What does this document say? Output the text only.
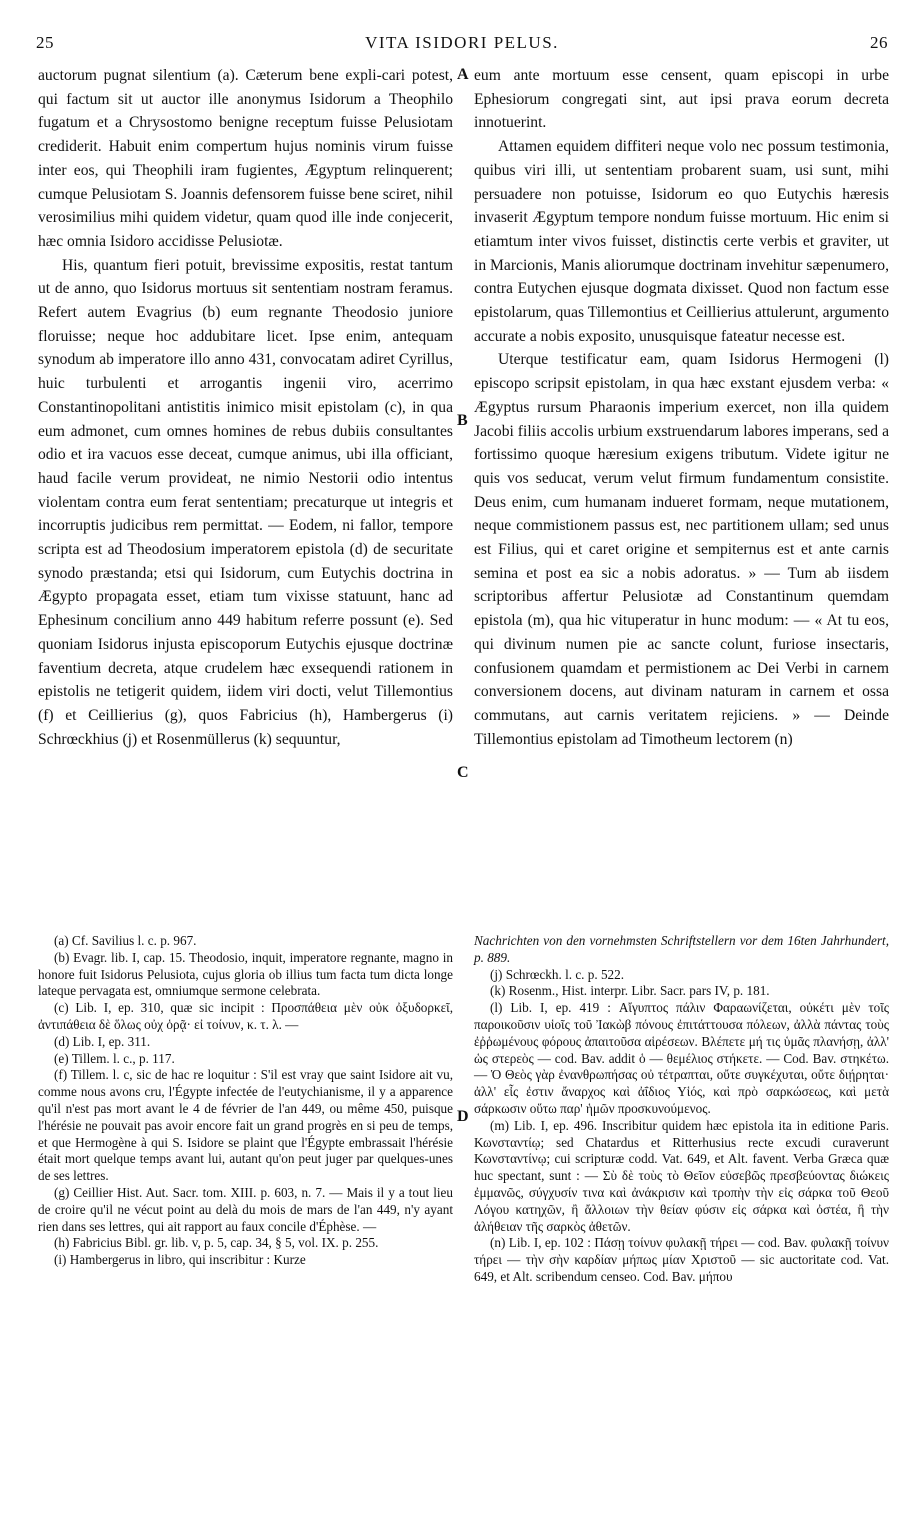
25	VITA ISIDORI PELUS.	26

auctorum pugnat silentium (a). Cæterum bene expli-cari potest, qui factum sit ut auctor ille anonymus Isidorum a Theophilo fugatum et a Chrysostomo benigne receptum fuisse Pelusiotam crediderit. Habuit enim compertum hujus nominis virum fuisse inter eos, qui Theophili iram fugientes, Ægyptum relinquerent; cumque Pelusiotam S. Joannis defensorem fuisse bene sciret, nihil verosimilius mihi quidem videtur, quam quod ille inde conjecerit, hæc omnia Isidoro accidisse Pelusiotæ.

His, quantum fieri potuit, brevissime expositis, restat tantum ut de anno, quo Isidorus mortuus sit sententiam nostram feramus. Refert autem Evagrius (b) eum regnante Theodosio juniore floruisse; neque hoc addubitare licet. Ipse enim, antequam synodum ab imperatore illo anno 431, convocatam adiret Cyrillus, huic turbulenti et arrogantis ingenii viro, acerrimo Constantinopolitani antistitis inimico misit epistolam (c), in qua eum admonet, cum omnes homines de rebus dubiis consultantes odio et ira vacuos esse deceat, cumque animus, ubi illa officiant, haud facile verum provideat, ne nimio Nestorii odio intentus violentam contra eum ferat sententiam; precaturque ut integris et incorruptis judicibus rem permittat. — Eodem, ni fallor, tempore scripta est ad Theodosium imperatorem epistola (d) de securitate synodo præstanda; etsi qui Isidorum, cum Eutychis doctrina in Ægypto propagata esset, etiam tum vixisse statuunt, hanc ad Ephesinum concilium anno 449 habitum referre possunt (e). Sed quoniam Isidorus injusta episcoporum Eutychis ejusque doctrinæ faventium decreta, atque crudelem hæc exsequendi rationem in epistolis ne tetigerit quidem, iidem viri docti, velut Tillemontius (f) et Ceillierius (g), quos Fabricius (h), Hambergerus (i) Schrœckhius (j) et Rosenmüllerus (k) sequuntur,

A
B
C
D

eum ante mortuum esse censent, quam episcopi in urbe Ephesiorum congregati sint, aut ipsi prava eorum decreta innotuerint.

Attamen equidem diffiteri neque volo nec possum testimonia, quibus viri illi, ut sententiam probarent suam, usi sunt, mihi persuadere non potuisse, Isidorum eo quo Eutychis hæresis invaserit Ægyptum tempore nondum fuisse mortuum. Hic enim si etiamtum inter vivos fuisset, distinctis certe verbis et graviter, ut in Marcionis, Manis aliorumque doctrinam invehitur sæpenumero, contra Eutychen ejusque dogmata dixisset. Quod non factum esse epistolarum, quas Tillemontius et Ceillierius attulerunt, argumento accurate a nobis exposito, unusquisque fateatur necesse est.

Uterque testificatur eam, quam Isidorus Hermogeni (l) episcopo scripsit epistolam, in qua hæc exstant ejusdem verba: « Ægyptus rursum Pharaonis imperium exercet, non illa quidem Jacobi filiis accolis urbium exstruendarum labores imperans, sed a fortissimo quoque hæresium exigens tributum. Videte igitur ne quis vos seducat, verum velut firmum fundamentum consistite. Deus enim, cum humanam indueret formam, neque mutationem, neque commistionem passus est, nec partitionem ullam; sed unus est Filius, qui et caret origine et sempiternus est et ante carnis semina et post ea sic a nobis adoratus. » — Tum ab iisdem scriptoribus affertur Pelusiotæ ad Constantinum quemdam epistola (m), qua hic vituperatur in hunc modum: — « At tu eos, qui divinum numen pie ac sancte colunt, furiose insectaris, confusionem quamdam et permistionem ac Dei Verbi in carnem conversionem docens, aut divinam naturam in carnem et ossa commutans, aut carnis veritatem rejiciens. » — Deinde Tillemontius epistolam ad Timotheum lectorem (n)

(a) Cf. Savilius l. c. p. 967.

(b) Evagr. lib. I, cap. 15. Theodosio, inquit, imperatore regnante, magno in honore fuit Isidorus Pelusiota, cujus gloria ob illius tum facta tum dicta longe lateque pervagata est, omniumque sermone celebrata.

(c) Lib. I, ep. 310, quæ sic incipit : Προσπάθεια μὲν οὐκ ὀξυδορκεῖ, ἀντιπάθεια δὲ ὅλως οὐχ ὁρᾷ· εἰ τοίνυν, κ. τ. λ. —

(d) Lib. I, ep. 311.

(e) Tillem. l. c., p. 117.

(f) Tillem. l. c, sic de hac re loquitur : S'il est vray que saint Isidore ait vu, comme nous avons cru, l'Égypte infectée de l'eutychianisme, il y a apparence qu'il n'est pas mort avant le 4 de février de l'an 449, ou même 450, puisque l'hérésie ne pouvait pas avoir encore fait un grand progrès en si peu de temps, et que Hermogène à qui S. Isidore se plaint que l'Égypte embrassait l'hérésie était mort quelque temps avant lui, autant qu'on peut juger par quelques-unes de ses lettres.

(g) Ceillier Hist. Aut. Sacr. tom. XIII. p. 603, n. 7. — Mais il y a tout lieu de croire qu'il ne vécut point au delà du mois de mars de l'an 449, n'y ayant rien dans ses lettres, qui ait rapport au faux concile d'Éphèse. —

(h) Fabricius Bibl. gr. lib. v, p. 5, cap. 34, § 5, vol. IX. p. 255.

(i) Hambergerus in libro, qui inscribitur : Kurze

Nachrichten von den vornehmsten Schriftstellern vor dem 16ten Jahrhundert, p. 889.

(j) Schrœckh. l. c. p. 522.

(k) Rosenm., Hist. interpr. Libr. Sacr. pars IV, p. 181.

(l) Lib. I, ep. 419 : Αἴγυπτος πάλιν Φαραωνίζεται, οὐκέτι μὲν τοῖς παροικοῦσιν υἱοῖς τοῦ Ἰακὼβ πόνους ἐπιτάττουσα πόλεων, ἀλλὰ πάντας τοὺς ἐῤῥωμένους φόρους ἀπαιτοῦσα αἱρέσεων. Βλέπετε μή τις ὑμᾶς πλανήσῃ, ἀλλ' ὡς στερεὸς — cod. Bav. addit ὁ — θεμέλιος στήκετε. — Cod. Bav. στηκέτω. — Ὁ Θεὸς γὰρ ἐνανθρωπήσας οὐ τέτραπται, οὔτε συγκέχυται, οὔτε διῄρηται· ἀλλ' εἷς ἐστιν ἄναρχος καὶ ἀΐδιος Υἱός, καὶ πρὸ σαρκώσεως, καὶ μετὰ σάρκωσιν οὕτω παρ' ἡμῶν προσκυνούμενος.

(m) Lib. I, ep. 496. Inscribitur quidem hæc epistola ita in editione Paris. Κωνσταντίῳ; sed Chatardus et Ritterhusius recte excudi curaverunt Κωνσταντίνῳ; cui scripturæ codd. Vat. 649, et Alt. favent. Verba Græca quæ huc spectant, sunt : — Σὺ δὲ τοὺς τὸ Θεῖον εὐσεβῶς πρεσβεύοντας διώκεις ἐμμανῶς, σύγχυσίν τινα καὶ ἀνάκρισιν καὶ τροπὴν τὴν εἰς σάρκα τοῦ Θεοῦ Λόγου κατηχῶν, ἢ ἄλλοιων τὴν θείαν φύσιν εἰς σάρκα καὶ ὀστέα, ἢ τὴν ἀλήθειαν τῆς σαρκὸς ἀθετῶν.

(n) Lib. I, ep. 102 : Πάσῃ τοίνυν φυλακῇ τήρει — cod. Bav. φυλακῇ τοίνυν τήρει — τὴν σὴν καρδίαν μήπως μίαν Χριστοῦ — sic auctoritate cod. Vat. 649, et Alt. scribendum censeo. Cod. Bav. μήπου
